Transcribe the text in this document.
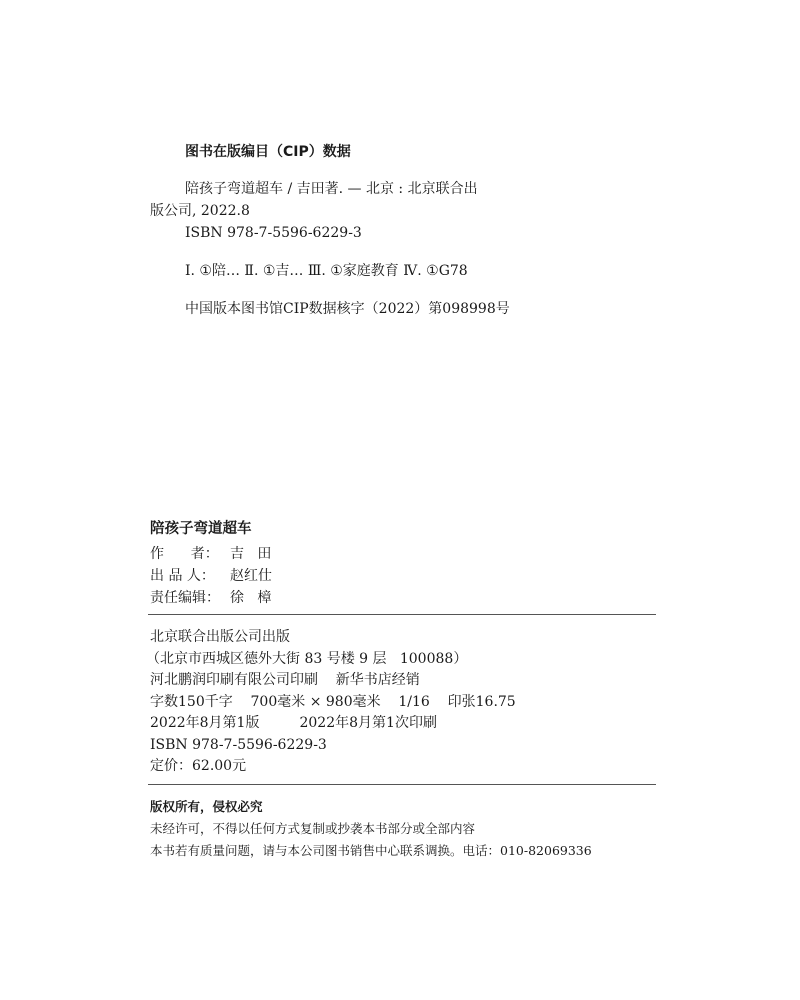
图书在版编目（CIP）数据
陪孩子弯道超车 / 吉田著. — 北京 : 北京联合出
版公司, 2022.8
ISBN 978-7-5596-6229-3
Ⅰ. ①陪… Ⅱ. ①吉… Ⅲ. ①家庭教育 Ⅳ. ①G78
中国版本图书馆CIP数据核字（2022）第098998号
陪孩子弯道超车
作      者： 吉   田
出 品 人： 赵红仕
责任编辑： 徐   樟
北京联合出版公司出版
（北京市西城区德外大街 83 号楼 9 层   100088）
河北鹏润印刷有限公司印刷    新华书店经销
字数150千字    700毫米 × 980毫米    1/16    印张16.75
2022年8月第1版         2022年8月第1次印刷
ISBN 978-7-5596-6229-3
定价：62.00元
版权所有，侵权必究
未经许可，不得以任何方式复制或抄袭本书部分或全部内容
本书若有质量问题，请与本公司图书销售中心联系调换。电话：010-82069336
